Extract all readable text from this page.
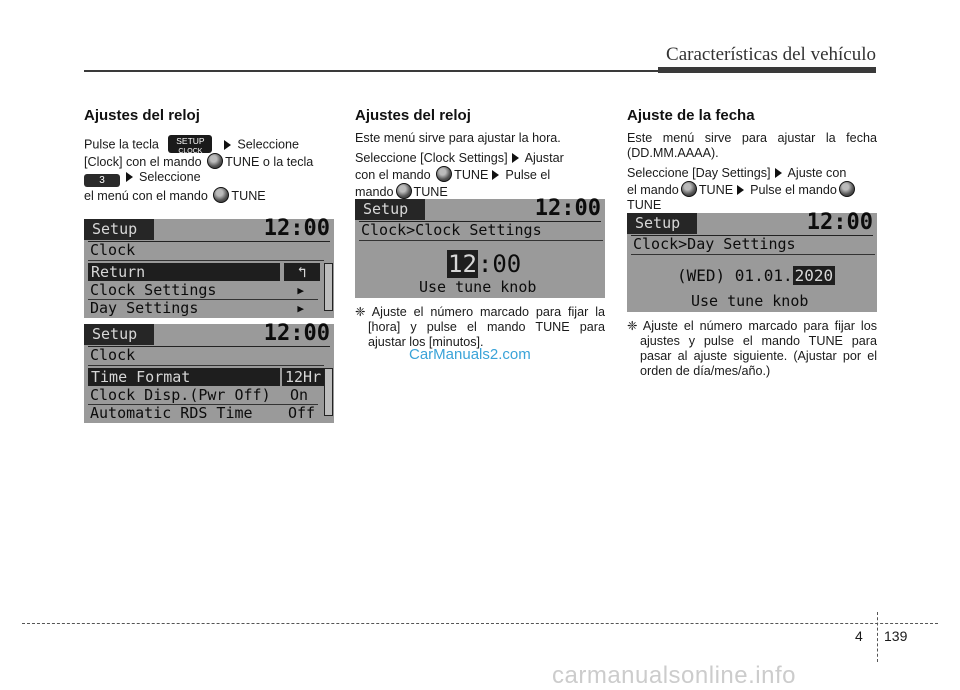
Características del vehículo
Ajustes del reloj

Pulse la tecla SETUP
CLOCK	Seleccione

[Clock] con el mando TUNE o la tecla

3	Seleccione

el menú con el mando TUNE

Setup	12:00
Clock
Return	↰
Clock Settings	▶
Day Settings	▶
Setup	12:00
Clock
Time Format	12Hr
Clock Disp.(Pwr Off) On
Automatic RDS Time Off
Ajustes del reloj

Este menú sirve para ajustar la hora.

Seleccione [Clock Settings] Ajustar

con el mando TUNE Pulse el

mando TUNE

Setup	12:00
Clock>Clock Settings
12:00
Use tune knob

❈ Ajuste el número marcado para fijar la [hora] y pulse el mando TUNE para ajustar los [minutos].

CarManuals2.com
Ajuste de la fecha

Este menú sirve para ajustar la fecha (DD.MM.AAAA).

Seleccione [Day Settings] Ajuste con

el mando TUNE Pulse el mando

TUNE

Setup	12:00
Clock>Day Settings
(WED) 01.01. 2020
Use tune knob

❈ Ajuste el número marcado para fijar los ajustes y pulse el mando TUNE para pasar al ajuste siguiente. (Ajustar por el orden de día/mes/año.)

4 139
carmanualsonline.info
